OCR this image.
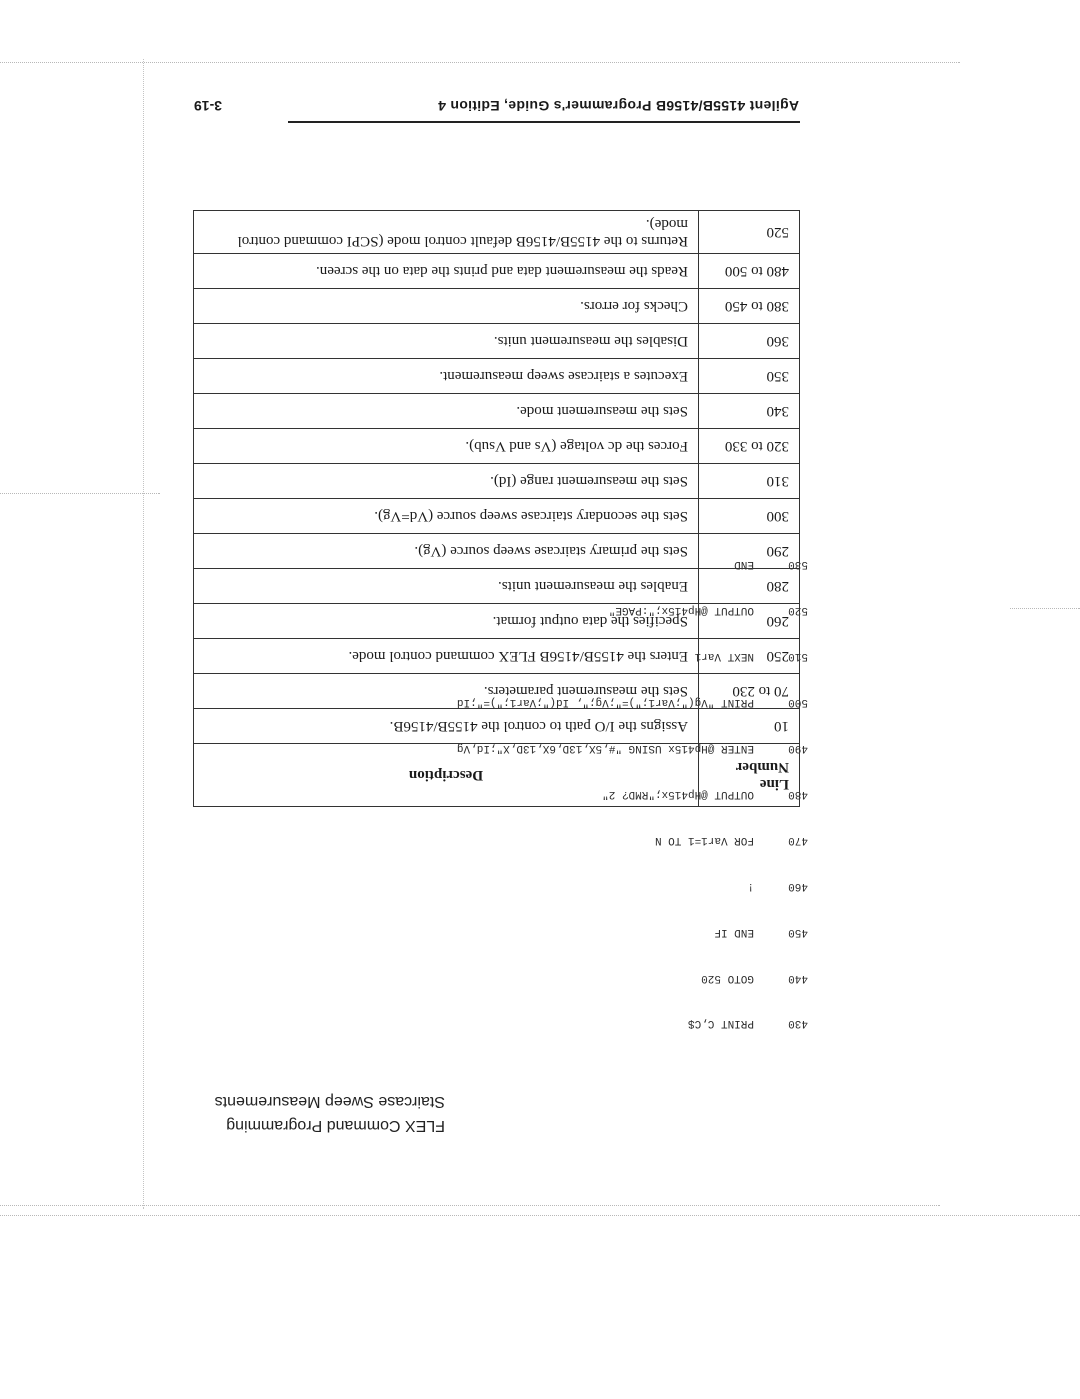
FLEX Command Programming
Staircase Sweep Measurements

430PRINT C,C$

440GOTO 520

450END IF

460!

470FOR Var1=1 TO N

480OUTPUT @Hp415x;"RMD? 2"

490ENTER @Hp415x USING "#,5X,13D,6X,13D,X";Id,Vg

500PRINT "Vg(";Var1;")=";Vg;", Id(";Var1;")=";Id

510NEXT Var1

520OUTPUT @Hp415x;":PAGE"

530END

Line Number	Description
10	Assigns the I/O path to control the 4155B/4156B.
70 to 230	Sets the measurement parameters.
250	Enters the 4155B/4156B FLEX command control mode.
260	Specifies the data output format.
280	Enables the measurement units.
290	Sets the primary staircase sweep source (Vg).
300	Sets the secondary staircase sweep source (Vd=Vg).
310	Sets the measurement range (Id).
320 to 330	Forces the dc voltage (Vs and Vsub).
340	Sets the measurement mode.
350	Executes a staircase sweep measurement.
360	Disables the measurement units.
380 to 450	Checks for errors.
480 to 500	Reads the measurement data and prints the data on the screen.
520	Returns to the 4155B/4156B default control mode (SCPI command control mode).
Agilent 4155B/4156B Programmer's Guide, Edition 4
3-19
